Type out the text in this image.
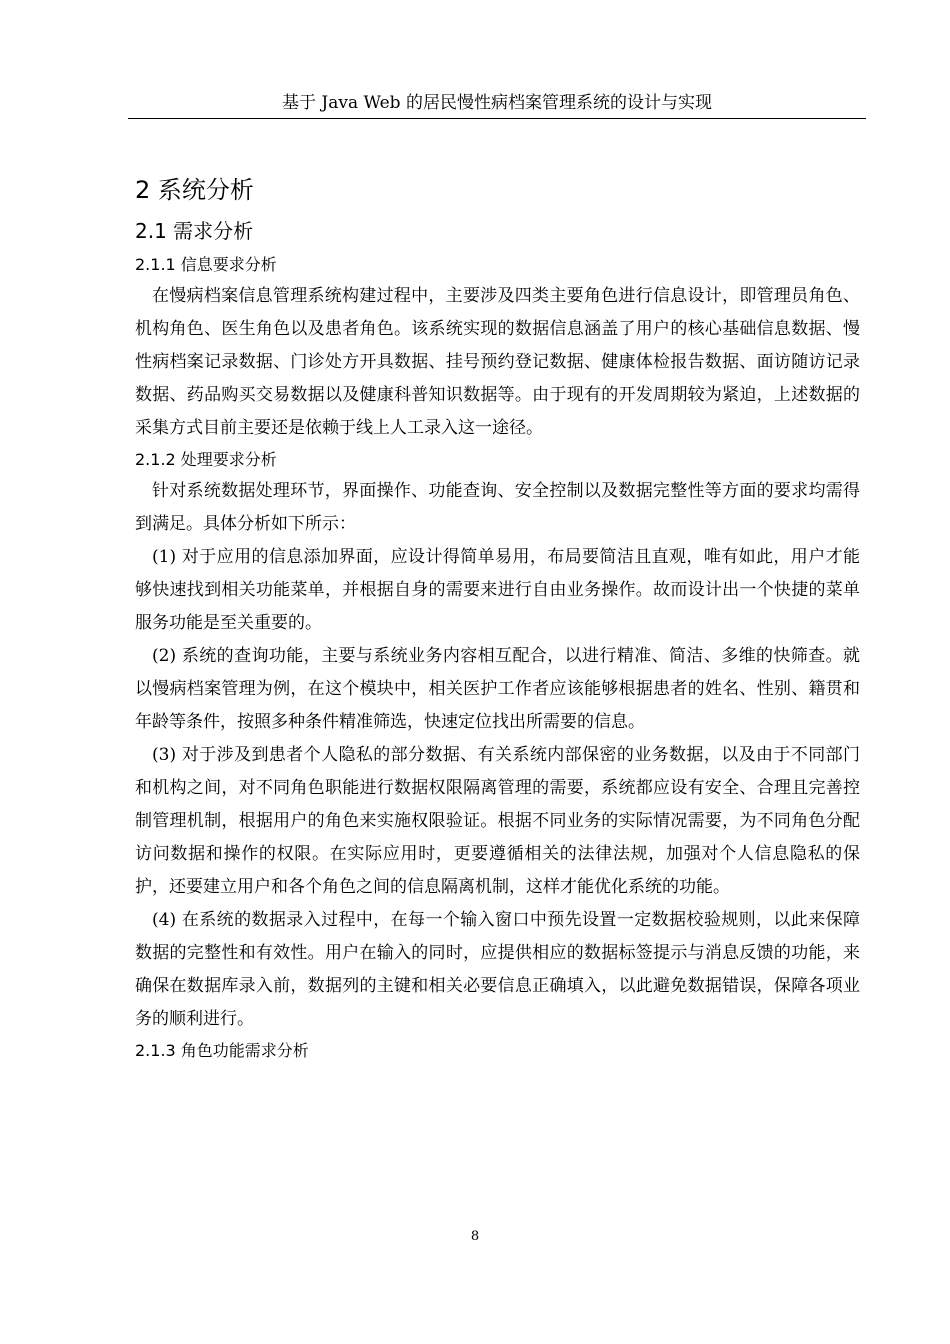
基于 Java Web 的居民慢性病档案管理系统的设计与实现
2 系统分析
2.1 需求分析
2.1.1 信息要求分析

在慢病档案信息管理系统构建过程中，主要涉及四类主要角色进行信息设计，即管理员角色、机构角色、医生角色以及患者角色。该系统实现的数据信息涵盖了用户的核心基础信息数据、慢性病档案记录数据、门诊处方开具数据、挂号预约登记数据、健康体检报告数据、面访随访记录数据、药品购买交易数据以及健康科普知识数据等。由于现有的开发周期较为紧迫，上述数据的采集方式目前主要还是依赖于线上人工录入这一途径。

2.1.2 处理要求分析

针对系统数据处理环节，界面操作、功能查询、安全控制以及数据完整性等方面的要求均需得到满足。具体分析如下所示：

(1) 对于应用的信息添加界面，应设计得简单易用，布局要简洁且直观，唯有如此，用户才能够快速找到相关功能菜单，并根据自身的需要来进行自由业务操作。故而设计出一个快捷的菜单服务功能是至关重要的。

(2) 系统的查询功能，主要与系统业务内容相互配合，以进行精准、简洁、多维的快筛查。就以慢病档案管理为例，在这个模块中，相关医护工作者应该能够根据患者的姓名、性别、籍贯和年龄等条件，按照多种条件精准筛选，快速定位找出所需要的信息。

(3) 对于涉及到患者个人隐私的部分数据、有关系统内部保密的业务数据，以及由于不同部门和机构之间，对不同角色职能进行数据权限隔离管理的需要，系统都应设有安全、合理且完善控制管理机制，根据用户的角色来实施权限验证。根据不同业务的实际情况需要，为不同角色分配访问数据和操作的权限。在实际应用时，更要遵循相关的法律法规，加强对个人信息隐私的保护，还要建立用户和各个角色之间的信息隔离机制，这样才能优化系统的功能。

(4) 在系统的数据录入过程中，在每一个输入窗口中预先设置一定数据校验规则，以此来保障数据的完整性和有效性。用户在输入的同时，应提供相应的数据标签提示与消息反馈的功能，来确保在数据库录入前，数据列的主键和相关必要信息正确填入，以此避免数据错误，保障各项业务的顺利进行。

2.1.3 角色功能需求分析
8
